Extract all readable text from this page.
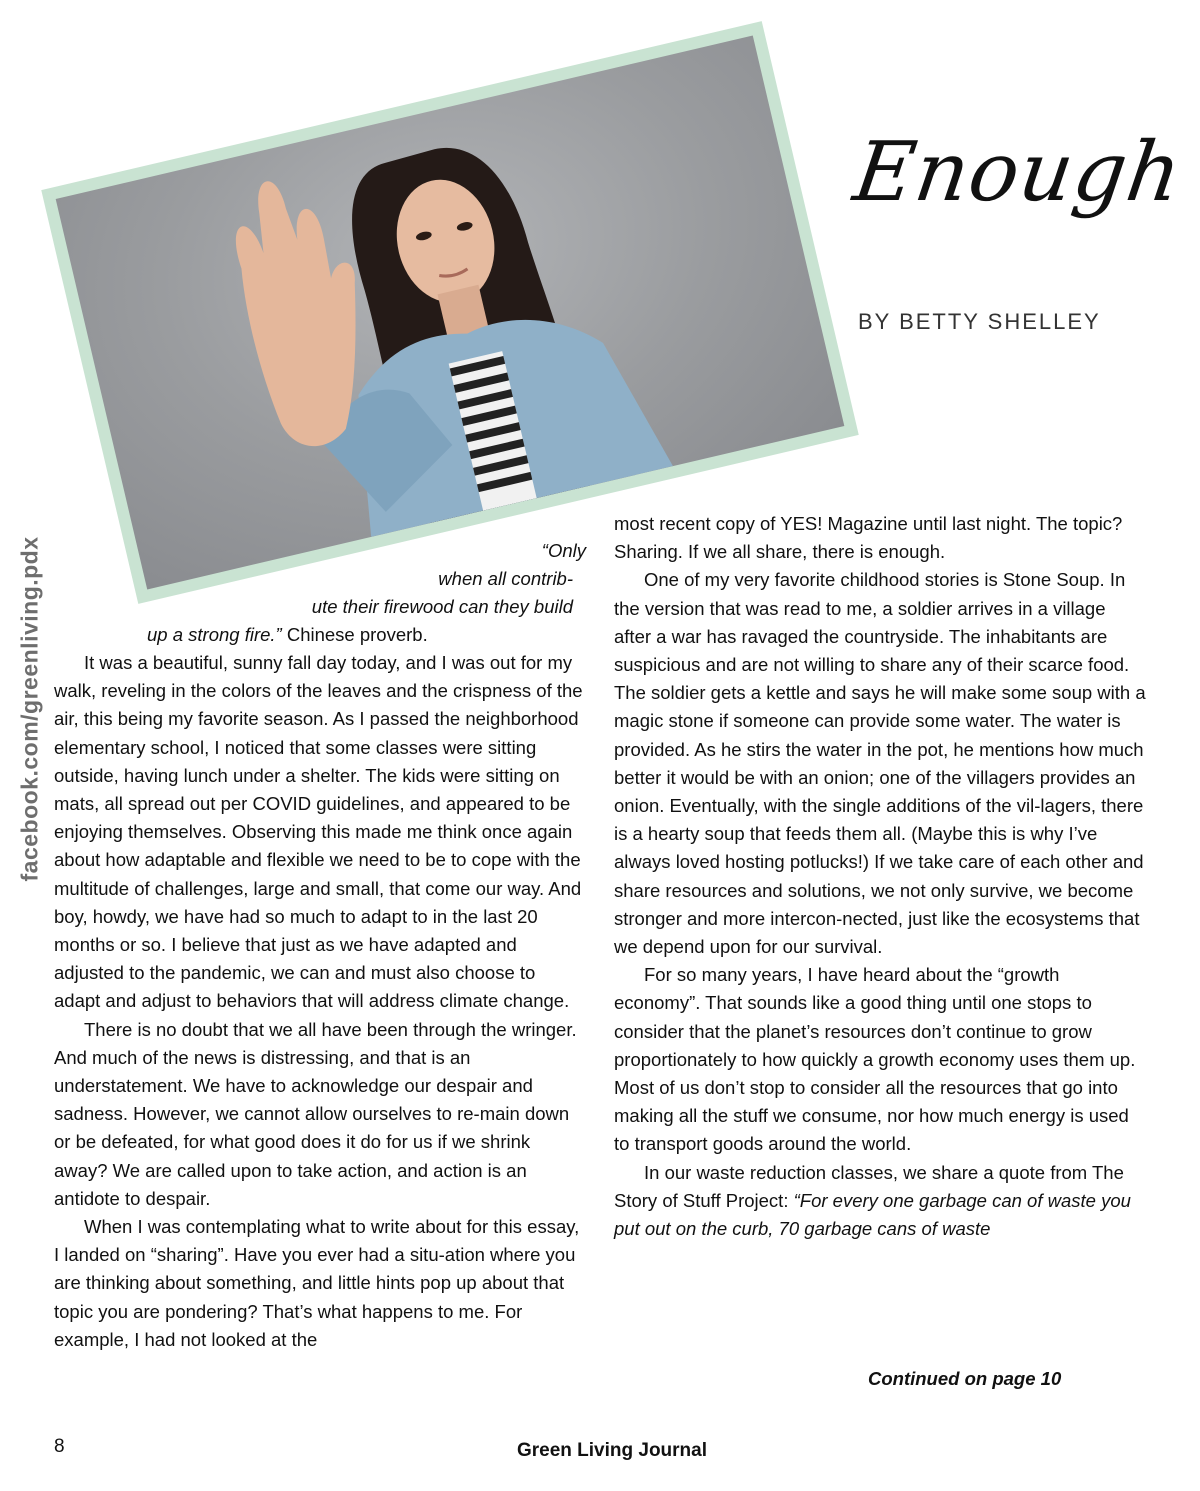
Enough
BY BETTY SHELLEY
facebook.com/greenliving.pdx	“Only
when all contrib-
ute their firewood can they build
up a strong fire.” Chinese proverb.

It was a beautiful, sunny fall day today, and I was out for my walk, reveling in the colors of the leaves and the crispness of the air, this being my favorite season. As I passed the neighborhood elementary school, I noticed that some classes were sitting outside, having lunch under a shelter. The kids were sitting on mats, all spread out per COVID guidelines, and appeared to be enjoying themselves. Observing this made me think once again about how adaptable and flexible we need to be to cope with the multitude of challenges, large and small, that come our way. And boy, howdy, we have had so much to adapt to in the last 20 months or so. I believe that just as we have adapted and adjusted to the pandemic, we can and must also choose to adapt and adjust to behaviors that will address climate change.

There is no doubt that we all have been through the wringer. And much of the news is distressing, and that is an understatement. We have to acknowledge our despair and sadness. However, we cannot allow ourselves to re-main down or be defeated, for what good does it do for us if we shrink away? We are called upon to take action, and action is an antidote to despair.

When I was contemplating what to write about for this essay, I landed on “sharing”. Have you ever had a situ-ation where you are thinking about something, and little hints pop up about that topic you are pondering? That’s what happens to me. For example, I had not looked at the

most recent copy of YES! Magazine until last night. The topic? Sharing. If we all share, there is enough.

One of my very favorite childhood stories is Stone Soup. In the version that was read to me, a soldier arrives in a village after a war has ravaged the countryside. The inhabitants are suspicious and are not willing to share any of their scarce food. The soldier gets a kettle and says he will make some soup with a magic stone if someone can provide some water. The water is provided. As he stirs the water in the pot, he mentions how much better it would be with an onion; one of the villagers provides an onion. Eventually, with the single additions of the vil-lagers, there is a hearty soup that feeds them all. (Maybe this is why I’ve always loved hosting potlucks!) If we take care of each other and share resources and solutions, we not only survive, we become stronger and more intercon-nected, just like the ecosystems that we depend upon for our survival.

For so many years, I have heard about the “growth economy”. That sounds like a good thing until one stops to consider that the planet’s resources don’t continue to grow proportionately to how quickly a growth economy uses them up. Most of us don’t stop to consider all the resources that go into making all the stuff we consume, nor how much energy is used to transport goods around the world.

In our waste reduction classes, we share a quote from The Story of Stuff Project: “For every one garbage can of waste you put out on the curb, 70 garbage cans of waste

Continued on page 10
8	Green Living Journal
